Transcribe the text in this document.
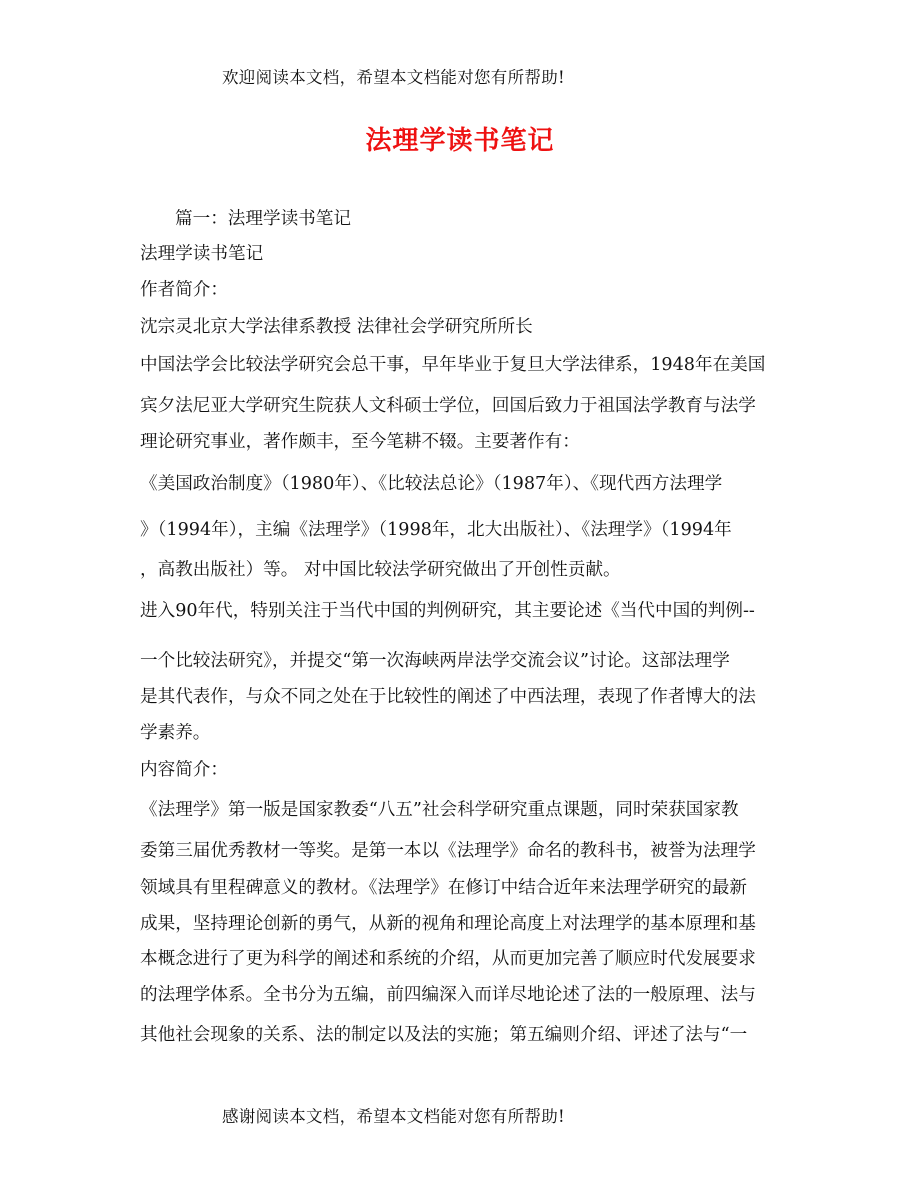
欢迎阅读本文档，希望本文档能对您有所帮助!
法理学读书笔记
篇一：法理学读书笔记
法理学读书笔记
作者简介：
沈宗灵北京大学法律系教授 法律社会学研究所所长
中国法学会比较法学研究会总干事，早年毕业于复旦大学法律系，1948年在美国
宾夕法尼亚大学研究生院获人文科硕士学位，回国后致力于祖国法学教育与法学
理论研究事业，著作颇丰，至今笔耕不辍。主要著作有：
《美国政治制度》（1980年）、《比较法总论》（1987年）、《现代西方法理学
》（1994年），主编《法理学》（1998年，北大出版社）、《法理学》（1994年
，高教出版社）等。 对中国比较法学研究做出了开创性贡献。
进入90年代，特别关注于当代中国的判例研究，其主要论述《当代中国的判例--
一个比较法研究》，并提交“第一次海峡两岸法学交流会议”讨论。这部法理学
是其代表作，与众不同之处在于比较性的阐述了中西法理，表现了作者博大的法
学素养。
内容简介：
《法理学》第一版是国家教委“八五”社会科学研究重点课题，同时荣获国家教
委第三届优秀教材一等奖。是第一本以《法理学》命名的教科书，被誉为法理学
领域具有里程碑意义的教材。《法理学》在修订中结合近年来法理学研究的最新
成果，坚持理论创新的勇气，从新的视角和理论高度上对法理学的基本原理和基
本概念进行了更为科学的阐述和系统的介绍，从而更加完善了顺应时代发展要求
的法理学体系。全书分为五编，前四编深入而详尽地论述了法的一般原理、法与
其他社会现象的关系、法的制定以及法的实施；第五编则介绍、评述了法与“一
感谢阅读本文档，希望本文档能对您有所帮助!
